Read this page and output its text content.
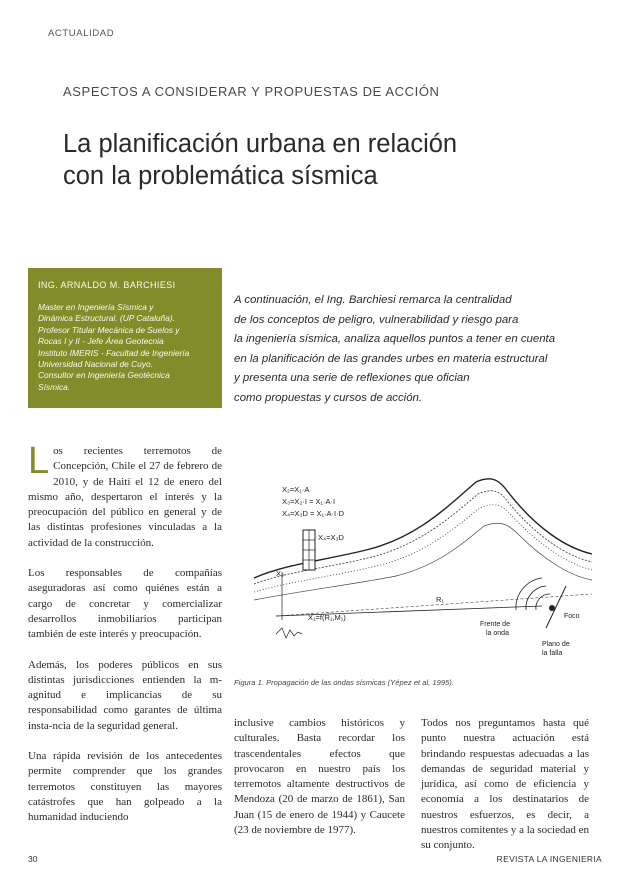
ACTUALIDAD
ASPECTOS A CONSIDERAR Y PROPUESTAS DE ACCIÓN
La planificación urbana en relación
con la problemática sísmica
ING. ARNALDO M. BARCHIESI
Master en Ingeniería Sísmica y
Dinámica Estructural. (UP Cataluña).
Profesor Titular Mecánica de Suelos y
Rocas I y II - Jefe Área Geotecnia
Instituto IMERIS - Facultad de Ingeniería
Universidad Nacional de Cuyo.
Consultor en Ingeniería Geotécnica
Sísmica.
A continuación, el Ing. Barchiesi remarca la centralidad
de los conceptos de peligro, vulnerabilidad y riesgo para
la ingeniería sísmica, analiza aquellos puntos a tener en cuenta
en la planificación de las grandes urbes en materia estructural
y presenta una serie de reflexiones que ofician
como propuestas y cursos de acción.

Los recientes terremotos de Concepción, Chile el 27 de febrero de 2010, y de Haití el 12 de enero del mismo año, despertaron el interés y la preocupación del público en general y de las distintas profesiones vinculadas a la actividad de la construcción.

Los responsables de compañías aseguradoras así como quiénes están a cargo de concretar y comercializar desarrollos inmobiliarios participan también de este interés y preocupación.

Además, los poderes públicos en sus distintas jurisdicciones entienden la m-agnitud e implicancias de su responsabilidad como garantes de última insta-ncia de la seguridad general.

Una rápida revisión de los antecedentes permite comprender que los grandes terremotos constituyen las mayores catástrofes que han golpeado a la humanidad induciendo

X₂=X₁·A
X₃=X₂·I = X₁·A·I
X₄=X₃D = X₁·A·I·D
X₄=X₃D
X₃
X₁=f(R₁,M₁)
R₁
Frente de
la onda
Foco
Plano de
la falla
Figura 1. Propagación de las ondas sísmicas (Yépez et al, 1995).

inclusive cambios históricos y culturales. Basta recordar los trascendentales efectos que provocaron en nuestro país los terremotos altamente destructivos de Mendoza (20 de marzo de 1861), San Juan (15 de enero de 1944) y Caucete (23 de noviembre de 1977).

Todos nos preguntamos hasta qué punto nuestra actuación está brindando respuestas adecuadas a las demandas de seguridad material y jurídica, así como de eficiencia y economía a los destinatarios de nuestros esfuerzos, es decir, a nuestros comitentes y a la sociedad en su conjunto.

30	REVISTA LA INGENIERIA
